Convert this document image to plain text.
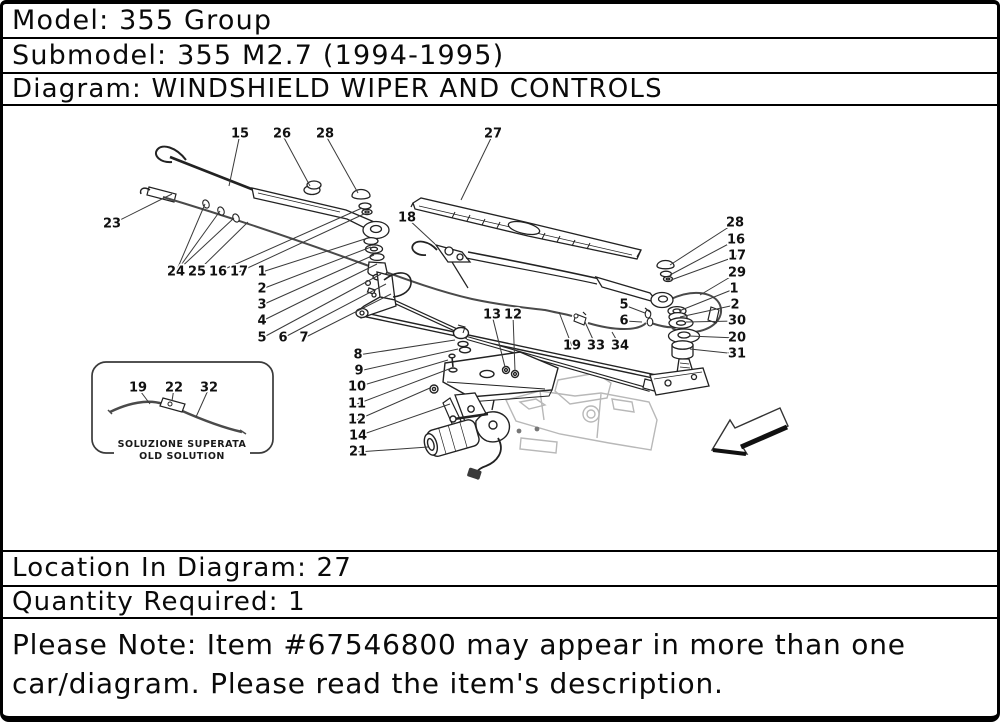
Model: 355 Group
Submodel: 355 M2.7 (1994-1995)
Diagram: WINDSHIELD WIPER AND CONTROLS
SOLUZIONE SUPERATA
OLD SOLUTION
15 26 28	27
23	18
24 25 16 17 1
2
3
4
5 6 7
8
9
10
11
12
14
21
13 12
19 33 34
5
6
28
16
17
29
1
2
30
20
31
19 22 32
Location In Diagram: 27
Quantity Required: 1
Please Note: Item #67546800 may appear in more than one car/diagram. Please read the item's description.
